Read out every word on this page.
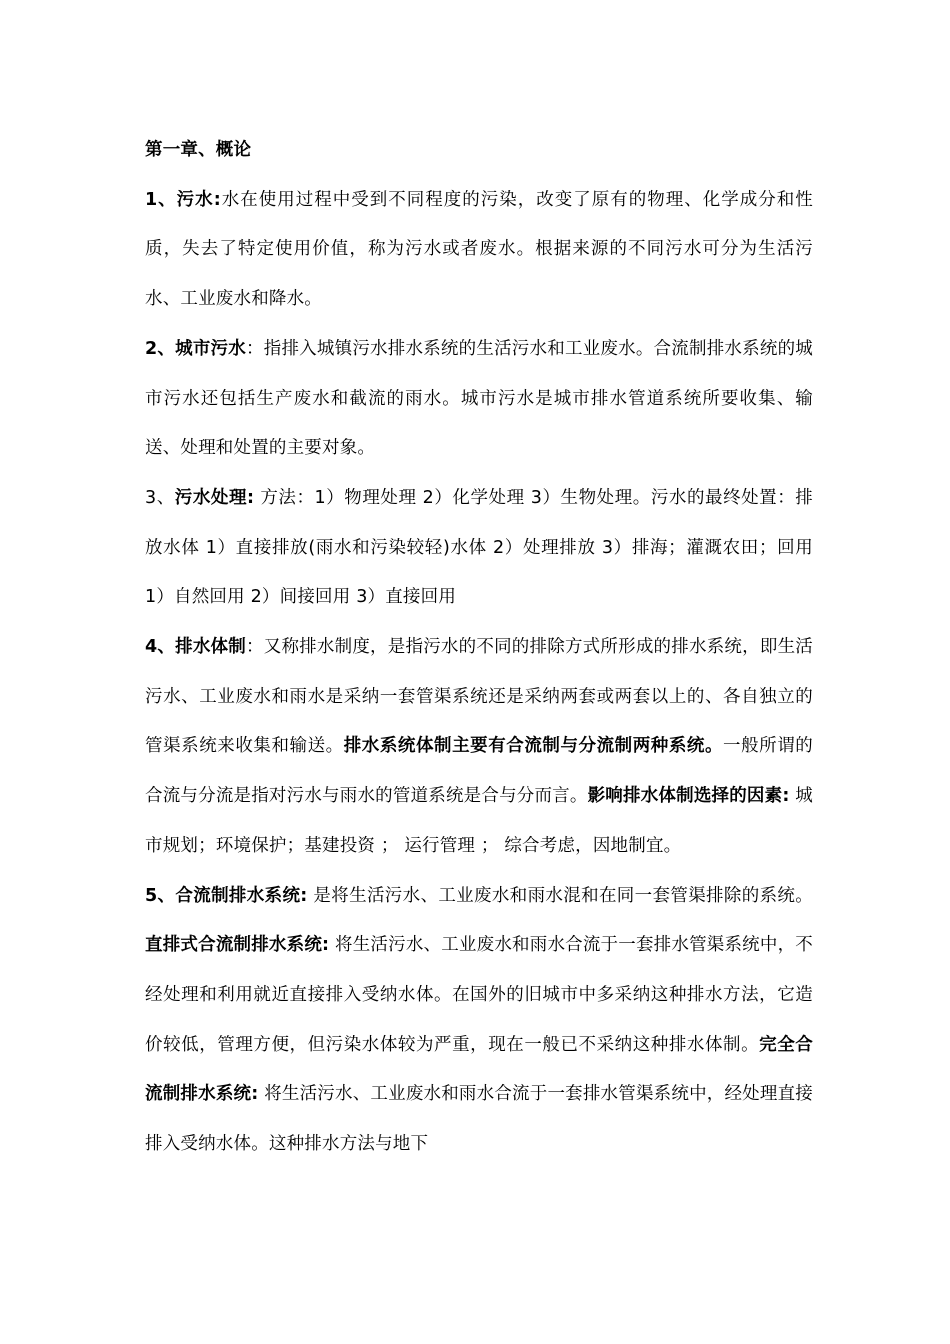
第一章、概论

1、污水:水在使用过程中受到不同程度的污染，改变了原有的物理、化学成分和性质，失去了特定使用价值，称为污水或者废水。根据来源的不同污水可分为生活污水、工业废水和降水。

2、城市污水：指排入城镇污水排水系统的生活污水和工业废水。合流制排水系统的城市污水还包括生产废水和截流的雨水。城市污水是城市排水管道系统所要收集、输送、处理和处置的主要对象。

3、污水处理: 方法：1）物理处理 2）化学处理 3）生物处理。污水的最终处置：排放水体 1）直接排放(雨水和污染较轻)水体 2）处理排放 3）排海；灌溉农田；回用 1）自然回用 2）间接回用 3）直接回用

4、排水体制：又称排水制度，是指污水的不同的排除方式所形成的排水系统，即生活污水、工业废水和雨水是采纳一套管渠系统还是采纳两套或两套以上的、各自独立的管渠系统来收集和输送。排水系统体制主要有合流制与分流制两种系统。一般所谓的合流与分流是指对污水与雨水的管道系统是合与分而言。影响排水体制选择的因素: 城市规划；环境保护；基建投资 ； 运行管理 ； 综合考虑，因地制宜。

5、合流制排水系统: 是将生活污水、工业废水和雨水混和在同一套管渠排除的系统。直排式合流制排水系统: 将生活污水、工业废水和雨水合流于一套排水管渠系统中，不经处理和利用就近直接排入受纳水体。在国外的旧城市中多采纳这种排水方法，它造价较低，管理方便，但污染水体较为严重，现在一般已不采纳这种排水体制。完全合流制排水系统: 将生活污水、工业废水和雨水合流于一套排水管渠系统中，经处理直接排入受纳水体。这种排水方法与地下
